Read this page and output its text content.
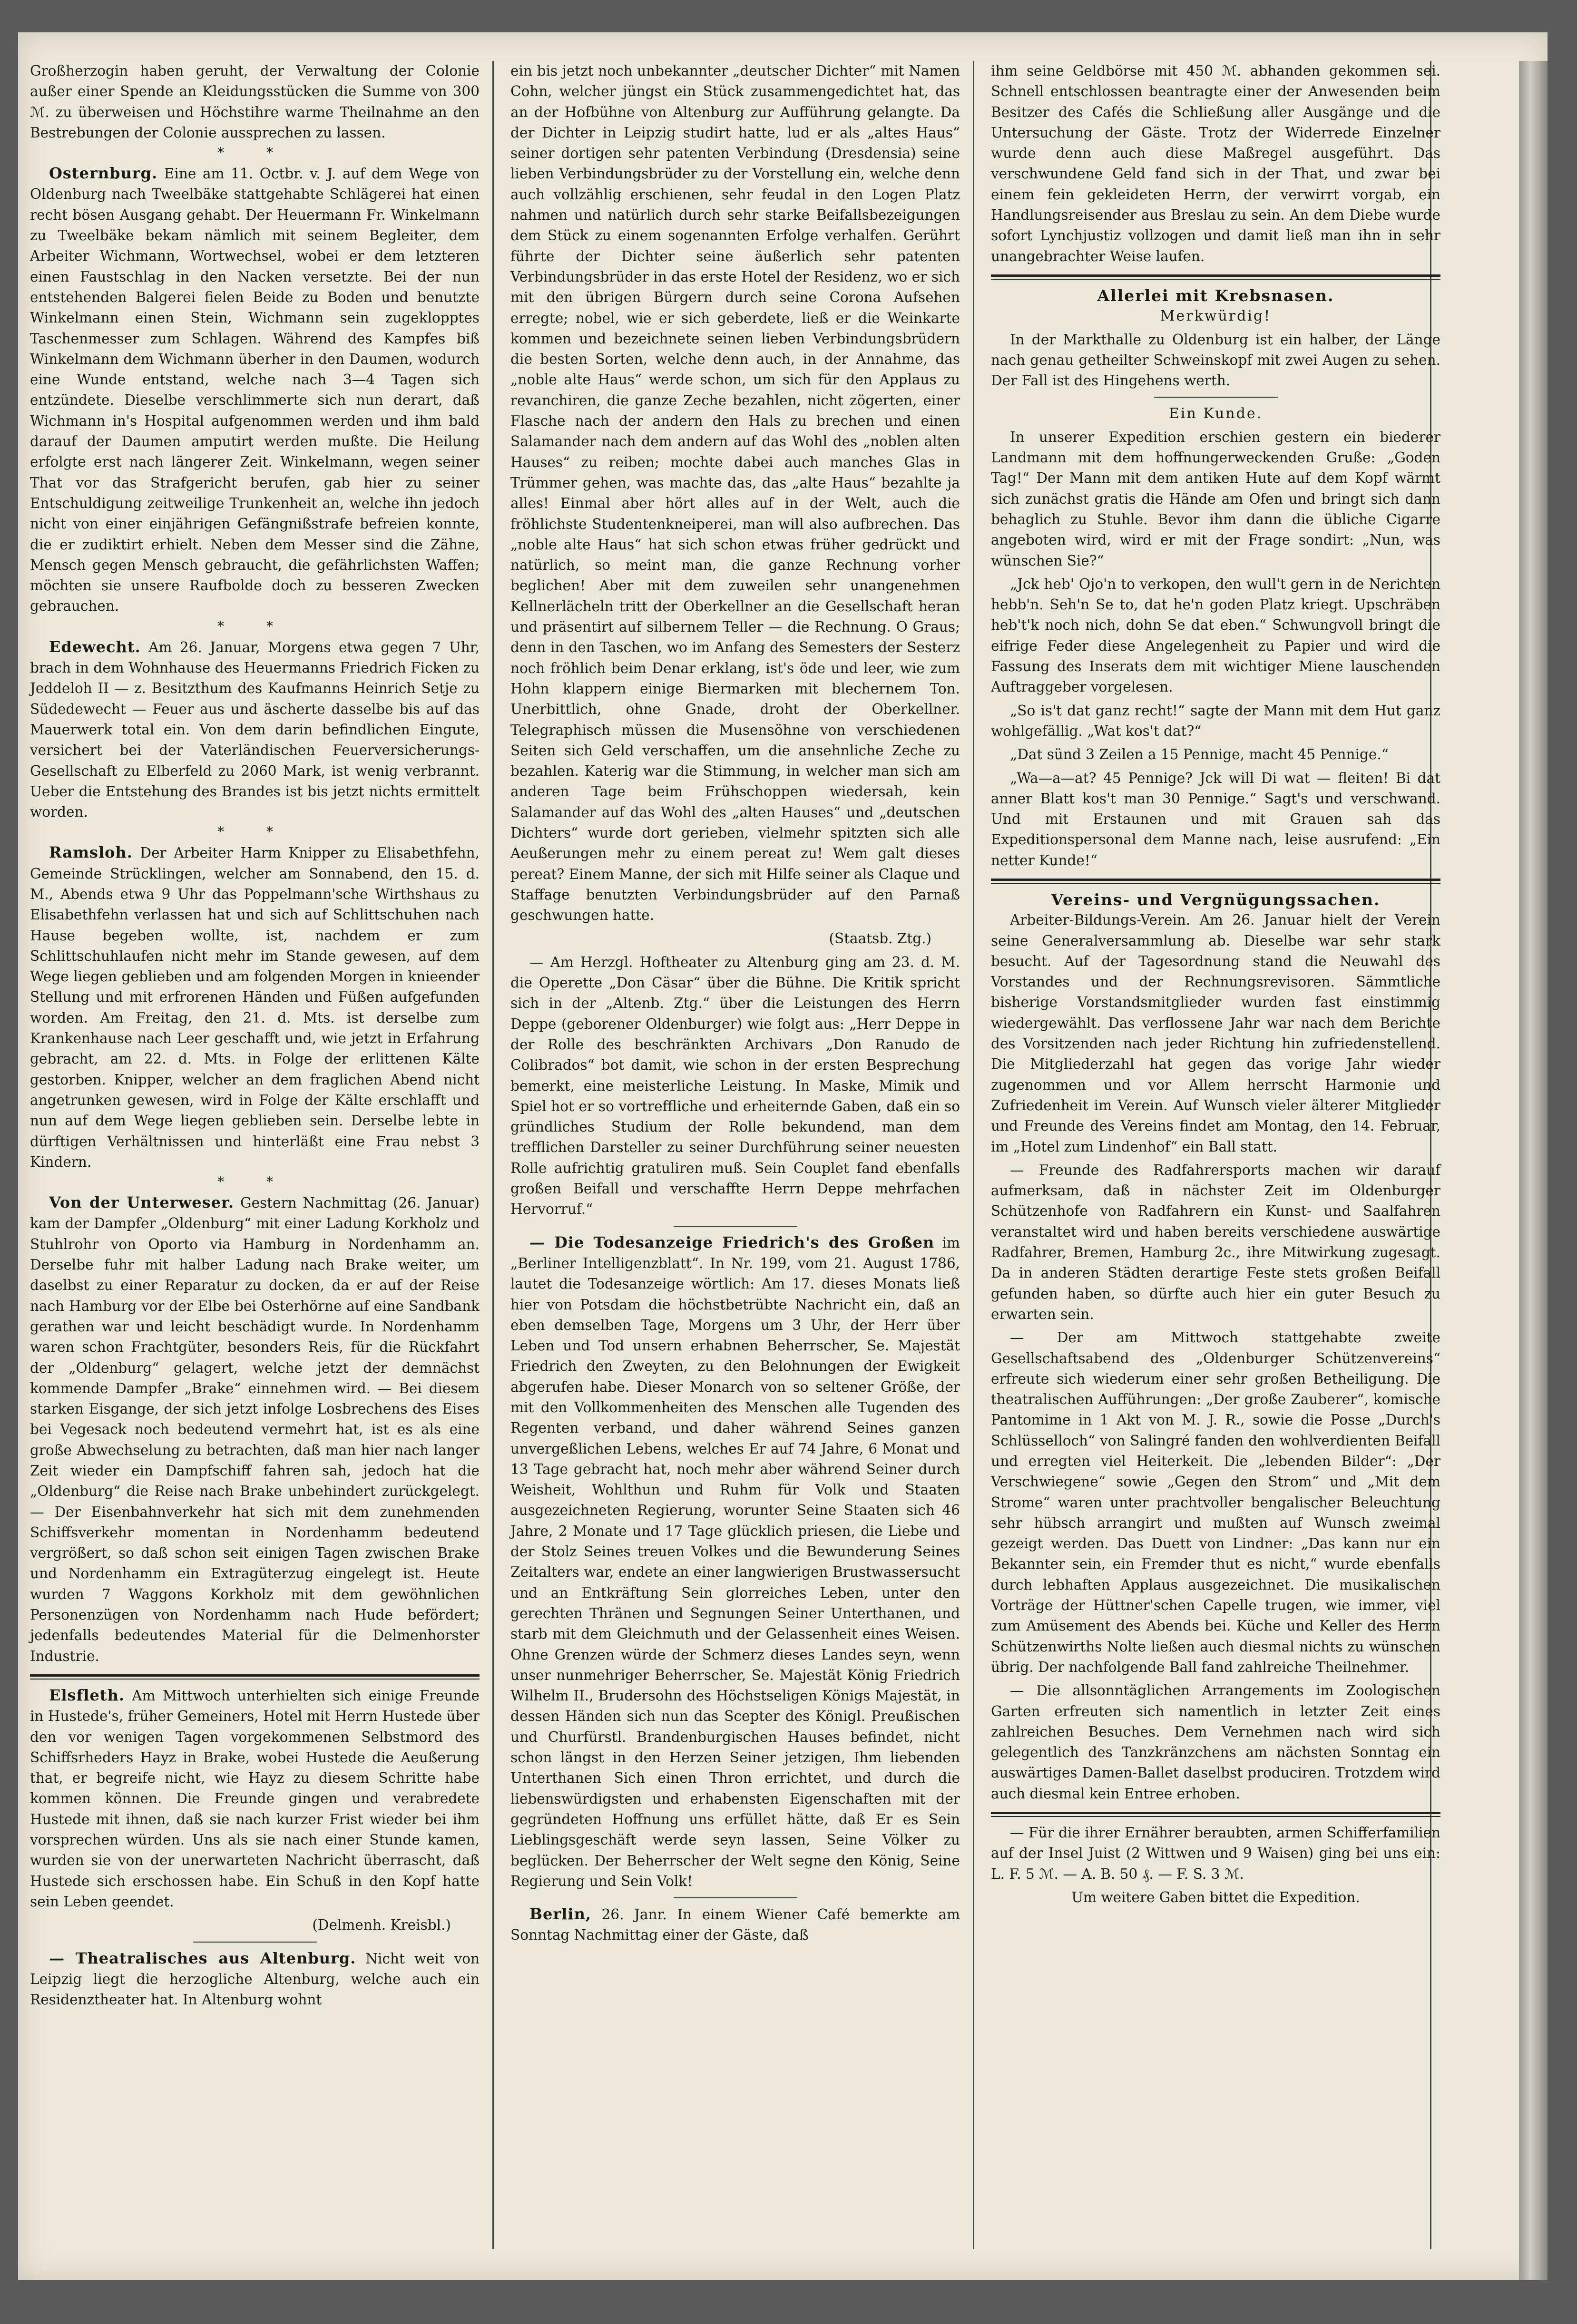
Großherzogin haben geruht, der Verwaltung der Colonie außer einer Spende an Kleidungsstücken die Summe von 300 ℳ. zu überweisen und Höchstihre warme Theilnahme an den Bestrebungen der Colonie aussprechen zu lassen.

* *

Osternburg. Eine am 11. Octbr. v. J. auf dem Wege von Oldenburg nach Tweelbäke stattgehabte Schlägerei hat einen recht bösen Ausgang gehabt. Der Heuermann Fr. Winkelmann zu Tweelbäke bekam nämlich mit seinem Begleiter, dem Arbeiter Wichmann, Wortwechsel, wobei er dem letzteren einen Faustschlag in den Nacken versetzte. Bei der nun entstehenden Balgerei fielen Beide zu Boden und benutzte Winkelmann einen Stein, Wichmann sein zugeklopptes Taschenmesser zum Schlagen. Während des Kampfes biß Winkelmann dem Wichmann überher in den Daumen, wodurch eine Wunde entstand, welche nach 3—4 Tagen sich entzündete. Dieselbe verschlimmerte sich nun derart, daß Wichmann in's Hospital aufgenommen werden und ihm bald darauf der Daumen amputirt werden mußte. Die Heilung erfolgte erst nach längerer Zeit. Winkelmann, wegen seiner That vor das Strafgericht berufen, gab hier zu seiner Entschuldigung zeitweilige Trunkenheit an, welche ihn jedoch nicht von einer einjährigen Gefängnißstrafe befreien konnte, die er zudiktirt erhielt. Neben dem Messer sind die Zähne, Mensch gegen Mensch gebraucht, die gefährlichsten Waffen; möchten sie unsere Raufbolde doch zu besseren Zwecken gebrauchen.

* *

Edewecht. Am 26. Januar, Morgens etwa gegen 7 Uhr, brach in dem Wohnhause des Heuermanns Friedrich Ficken zu Jeddeloh II — z. Besitzthum des Kaufmanns Heinrich Setje zu Südedewecht — Feuer aus und äscherte dasselbe bis auf das Mauerwerk total ein. Von dem darin befindlichen Eingute, versichert bei der Vaterländischen Feuerversicherungs-Gesellschaft zu Elberfeld zu 2060 Mark, ist wenig verbrannt. Ueber die Entstehung des Brandes ist bis jetzt nichts ermittelt worden.

* *

Ramsloh. Der Arbeiter Harm Knipper zu Elisabethfehn, Gemeinde Strücklingen, welcher am Sonnabend, den 15. d. M., Abends etwa 9 Uhr das Poppelmann'sche Wirthshaus zu Elisabethfehn verlassen hat und sich auf Schlittschuhen nach Hause begeben wollte, ist, nachdem er zum Schlittschuhlaufen nicht mehr im Stande gewesen, auf dem Wege liegen geblieben und am folgenden Morgen in knieender Stellung und mit erfrorenen Händen und Füßen aufgefunden worden. Am Freitag, den 21. d. Mts. ist derselbe zum Krankenhause nach Leer geschafft und, wie jetzt in Erfahrung gebracht, am 22. d. Mts. in Folge der erlittenen Kälte gestorben. Knipper, welcher an dem fraglichen Abend nicht angetrunken gewesen, wird in Folge der Kälte erschlafft und nun auf dem Wege liegen geblieben sein. Derselbe lebte in dürftigen Verhältnissen und hinterläßt eine Frau nebst 3 Kindern.

* *

Von der Unterweser. Gestern Nachmittag (26. Januar) kam der Dampfer „Oldenburg“ mit einer Ladung Korkholz und Stuhlrohr von Oporto via Hamburg in Nordenhamm an. Derselbe fuhr mit halber Ladung nach Brake weiter, um daselbst zu einer Reparatur zu docken, da er auf der Reise nach Hamburg vor der Elbe bei Osterhörne auf eine Sandbank gerathen war und leicht beschädigt wurde. In Nordenhamm waren schon Frachtgüter, besonders Reis, für die Rückfahrt der „Oldenburg“ gelagert, welche jetzt der demnächst kommende Dampfer „Brake“ einnehmen wird. — Bei diesem starken Eisgange, der sich jetzt infolge Losbrechens des Eises bei Vegesack noch bedeutend vermehrt hat, ist es als eine große Abwechselung zu betrachten, daß man hier nach langer Zeit wieder ein Dampfschiff fahren sah, jedoch hat die „Oldenburg“ die Reise nach Brake unbehindert zurückgelegt. — Der Eisenbahnverkehr hat sich mit dem zunehmenden Schiffsverkehr momentan in Nordenhamm bedeutend vergrößert, so daß schon seit einigen Tagen zwischen Brake und Nordenhamm ein Extragüterzug eingelegt ist. Heute wurden 7 Waggons Korkholz mit dem gewöhnlichen Personenzügen von Nordenhamm nach Hude befördert; jedenfalls bedeutendes Material für die Delmenhorster Industrie.

Elsfleth. Am Mittwoch unterhielten sich einige Freunde in Hustede's, früher Gemeiners, Hotel mit Herrn Hustede über den vor wenigen Tagen vorgekommenen Selbstmord des Schiffsrheders Hayz in Brake, wobei Hustede die Aeußerung that, er begreife nicht, wie Hayz zu diesem Schritte habe kommen können. Die Freunde gingen und verabredete Hustede mit ihnen, daß sie nach kurzer Frist wieder bei ihm vorsprechen würden. Uns als sie nach einer Stunde kamen, wurden sie von der unerwarteten Nachricht überrascht, daß Hustede sich erschossen habe. Ein Schuß in den Kopf hatte sein Leben geendet.

(Delmenh. Kreisbl.)

— Theatralisches aus Altenburg. Nicht weit von Leipzig liegt die herzogliche Altenburg, welche auch ein Residenztheater hat. In Altenburg wohnt

ein bis jetzt noch unbekannter „deutscher Dichter“ mit Namen Cohn, welcher jüngst ein Stück zusammengedichtet hat, das an der Hofbühne von Altenburg zur Aufführung gelangte. Da der Dichter in Leipzig studirt hatte, lud er als „altes Haus“ seiner dortigen sehr patenten Verbindung (Dresdensia) seine lieben Verbindungsbrüder zu der Vorstellung ein, welche denn auch vollzählig erschienen, sehr feudal in den Logen Platz nahmen und natürlich durch sehr starke Beifallsbezeigungen dem Stück zu einem sogenannten Erfolge verhalfen. Gerührt führte der Dichter seine äußerlich sehr patenten Verbindungsbrüder in das erste Hotel der Residenz, wo er sich mit den übrigen Bürgern durch seine Corona Aufsehen erregte; nobel, wie er sich geberdete, ließ er die Weinkarte kommen und bezeichnete seinen lieben Verbindungsbrüdern die besten Sorten, welche denn auch, in der Annahme, das „noble alte Haus“ werde schon, um sich für den Applaus zu revanchiren, die ganze Zeche bezahlen, nicht zögerten, einer Flasche nach der andern den Hals zu brechen und einen Salamander nach dem andern auf das Wohl des „noblen alten Hauses“ zu reiben; mochte dabei auch manches Glas in Trümmer gehen, was machte das, das „alte Haus“ bezahlte ja alles! Einmal aber hört alles auf in der Welt, auch die fröhlichste Studentenkneiperei, man will also aufbrechen. Das „noble alte Haus“ hat sich schon etwas früher gedrückt und natürlich, so meint man, die ganze Rechnung vorher beglichen! Aber mit dem zuweilen sehr unangenehmen Kellnerlächeln tritt der Oberkellner an die Gesellschaft heran und präsentirt auf silbernem Teller — die Rechnung. O Graus; denn in den Taschen, wo im Anfang des Semesters der Sesterz noch fröhlich beim Denar erklang, ist's öde und leer, wie zum Hohn klappern einige Biermarken mit blechernem Ton. Unerbittlich, ohne Gnade, droht der Oberkellner. Telegraphisch müssen die Musensöhne von verschiedenen Seiten sich Geld verschaffen, um die ansehnliche Zeche zu bezahlen. Katerig war die Stimmung, in welcher man sich am anderen Tage beim Frühschoppen wiedersah, kein Salamander auf das Wohl des „alten Hauses“ und „deutschen Dichters“ wurde dort gerieben, vielmehr spitzten sich alle Aeußerungen mehr zu einem pereat zu! Wem galt dieses pereat? Einem Manne, der sich mit Hilfe seiner als Claque und Staffage benutzten Verbindungsbrüder auf den Parnaß geschwungen hatte.

(Staatsb. Ztg.)

— Am Herzgl. Hoftheater zu Altenburg ging am 23. d. M. die Operette „Don Cäsar“ über die Bühne. Die Kritik spricht sich in der „Altenb. Ztg.“ über die Leistungen des Herrn Deppe (geborener Oldenburger) wie folgt aus: „Herr Deppe in der Rolle des beschränkten Archivars „Don Ranudo de Colibrados“ bot damit, wie schon in der ersten Besprechung bemerkt, eine meisterliche Leistung. In Maske, Mimik und Spiel hot er so vortreffliche und erheiternde Gaben, daß ein so gründliches Studium der Rolle bekundend, man dem trefflichen Darsteller zu seiner Durchführung seiner neuesten Rolle aufrichtig gratuliren muß. Sein Couplet fand ebenfalls großen Beifall und verschaffte Herrn Deppe mehrfachen Hervorruf.“

— Die Todesanzeige Friedrich's des Großen im „Berliner Intelligenzblatt“. In Nr. 199, vom 21. August 1786, lautet die Todesanzeige wörtlich: Am 17. dieses Monats ließ hier von Potsdam die höchstbetrübte Nachricht ein, daß an eben demselben Tage, Morgens um 3 Uhr, der Herr über Leben und Tod unsern erhabnen Beherrscher, Se. Majestät Friedrich den Zweyten, zu den Belohnungen der Ewigkeit abgerufen habe. Dieser Monarch von so seltener Größe, der mit den Vollkommenheiten des Menschen alle Tugenden des Regenten verband, und daher während Seines ganzen unvergeßlichen Lebens, welches Er auf 74 Jahre, 6 Monat und 13 Tage gebracht hat, noch mehr aber während Seiner durch Weisheit, Wohlthun und Ruhm für Volk und Staaten ausgezeichneten Regierung, worunter Seine Staaten sich 46 Jahre, 2 Monate und 17 Tage glücklich priesen, die Liebe und der Stolz Seines treuen Volkes und die Bewunderung Seines Zeitalters war, endete an einer langwierigen Brustwassersucht und an Entkräftung Sein glorreiches Leben, unter den gerechten Thränen und Segnungen Seiner Unterthanen, und starb mit dem Gleichmuth und der Gelassenheit eines Weisen. Ohne Grenzen würde der Schmerz dieses Landes seyn, wenn unser nunmehriger Beherrscher, Se. Majestät König Friedrich Wilhelm II., Brudersohn des Höchstseligen Königs Majestät, in dessen Händen sich nun das Scepter des Königl. Preußischen und Churfürstl. Brandenburgischen Hauses befindet, nicht schon längst in den Herzen Seiner jetzigen, Ihm liebenden Unterthanen Sich einen Thron errichtet, und durch die liebenswürdigsten und erhabensten Eigenschaften mit der gegründeten Hoffnung uns erfüllet hätte, daß Er es Sein Lieblingsgeschäft werde seyn lassen, Seine Völker zu beglücken. Der Beherrscher der Welt segne den König, Seine Regierung und Sein Volk!

Berlin, 26. Janr. In einem Wiener Café bemerkte am Sonntag Nachmittag einer der Gäste, daß

ihm seine Geldbörse mit 450 ℳ. abhanden gekommen sei. Schnell entschlossen beantragte einer der Anwesenden beim Besitzer des Cafés die Schließung aller Ausgänge und die Untersuchung der Gäste. Trotz der Widerrede Einzelner wurde denn auch diese Maßregel ausgeführt. Das verschwundene Geld fand sich in der That, und zwar bei einem fein gekleideten Herrn, der verwirrt vorgab, ein Handlungsreisender aus Breslau zu sein. An dem Diebe wurde sofort Lynchjustiz vollzogen und damit ließ man ihn in sehr unangebrachter Weise laufen.

Allerlei mit Krebsnasen.
Merkwürdig!

In der Markthalle zu Oldenburg ist ein halber, der Länge nach genau getheilter Schweinskopf mit zwei Augen zu sehen. Der Fall ist des Hingehens werth.

Ein Kunde.

In unserer Expedition erschien gestern ein biederer Landmann mit dem hoffnungerweckenden Gruße: „Goden Tag!“ Der Mann mit dem antiken Hute auf dem Kopf wärmt sich zunächst gratis die Hände am Ofen und bringt sich dann behaglich zu Stuhle. Bevor ihm dann die übliche Cigarre angeboten wird, wird er mit der Frage sondirt: „Nun, was wünschen Sie?“

„Jck heb' Ojo'n to verkopen, den wull't gern in de Nerichten hebb'n. Seh'n Se to, dat he'n goden Platz kriegt. Upschräben heb't'k noch nich, dohn Se dat eben.“ Schwungvoll bringt die eifrige Feder diese Angelegenheit zu Papier und wird die Fassung des Inserats dem mit wichtiger Miene lauschenden Auftraggeber vorgelesen.

„So is't dat ganz recht!“ sagte der Mann mit dem Hut ganz wohlgefällig. „Wat kos't dat?“

„Dat sünd 3 Zeilen a 15 Pennige, macht 45 Pennige.“

„Wa—a—at? 45 Pennige? Jck will Di wat — fleiten! Bi dat anner Blatt kos't man 30 Pennige.“ Sagt's und verschwand. Und mit Erstaunen und mit Grauen sah das Expeditionspersonal dem Manne nach, leise ausrufend: „Ein netter Kunde!“

Vereins- und Vergnügungssachen.

Arbeiter-Bildungs-Verein. Am 26. Januar hielt der Verein seine Generalversammlung ab. Dieselbe war sehr stark besucht. Auf der Tagesordnung stand die Neuwahl des Vorstandes und der Rechnungsrevisoren. Sämmtliche bisherige Vorstandsmitglieder wurden fast einstimmig wiedergewählt. Das verflossene Jahr war nach dem Berichte des Vorsitzenden nach jeder Richtung hin zufriedenstellend. Die Mitgliederzahl hat gegen das vorige Jahr wieder zugenommen und vor Allem herrscht Harmonie und Zufriedenheit im Verein. Auf Wunsch vieler älterer Mitglieder und Freunde des Vereins findet am Montag, den 14. Februar, im „Hotel zum Lindenhof“ ein Ball statt.

— Freunde des Radfahrersports machen wir darauf aufmerksam, daß in nächster Zeit im Oldenburger Schützenhofe von Radfahrern ein Kunst- und Saalfahren veranstaltet wird und haben bereits verschiedene auswärtige Radfahrer, Bremen, Hamburg 2c., ihre Mitwirkung zugesagt. Da in anderen Städten derartige Feste stets großen Beifall gefunden haben, so dürfte auch hier ein guter Besuch zu erwarten sein.

— Der am Mittwoch stattgehabte zweite Gesellschaftsabend des „Oldenburger Schützenvereins“ erfreute sich wiederum einer sehr großen Betheiligung. Die theatralischen Aufführungen: „Der große Zauberer“, komische Pantomime in 1 Akt von M. J. R., sowie die Posse „Durch's Schlüsselloch“ von Salingré fanden den wohlverdienten Beifall und erregten viel Heiterkeit. Die „lebenden Bilder“: „Der Verschwiegene“ sowie „Gegen den Strom“ und „Mit dem Strome“ waren unter prachtvoller bengalischer Beleuchtung sehr hübsch arrangirt und mußten auf Wunsch zweimal gezeigt werden. Das Duett von Lindner: „Das kann nur ein Bekannter sein, ein Fremder thut es nicht,“ wurde ebenfalls durch lebhaften Applaus ausgezeichnet. Die musikalischen Vorträge der Hüttner'schen Capelle trugen, wie immer, viel zum Amüsement des Abends bei. Küche und Keller des Herrn Schützenwirths Nolte ließen auch diesmal nichts zu wünschen übrig. Der nachfolgende Ball fand zahlreiche Theilnehmer.

— Die allsonntäglichen Arrangements im Zoologischen Garten erfreuten sich namentlich in letzter Zeit eines zahlreichen Besuches. Dem Vernehmen nach wird sich gelegentlich des Tanzkränzchens am nächsten Sonntag ein auswärtiges Damen-Ballet daselbst produciren. Trotzdem wird auch diesmal kein Entree erhoben.

— Für die ihrer Ernährer beraubten, armen Schifferfamilien auf der Insel Juist (2 Wittwen und 9 Waisen) ging bei uns ein: L. F. 5 ℳ. — A. B. 50 ₰. — F. S. 3 ℳ.

Um weitere Gaben bittet die Expedition.
